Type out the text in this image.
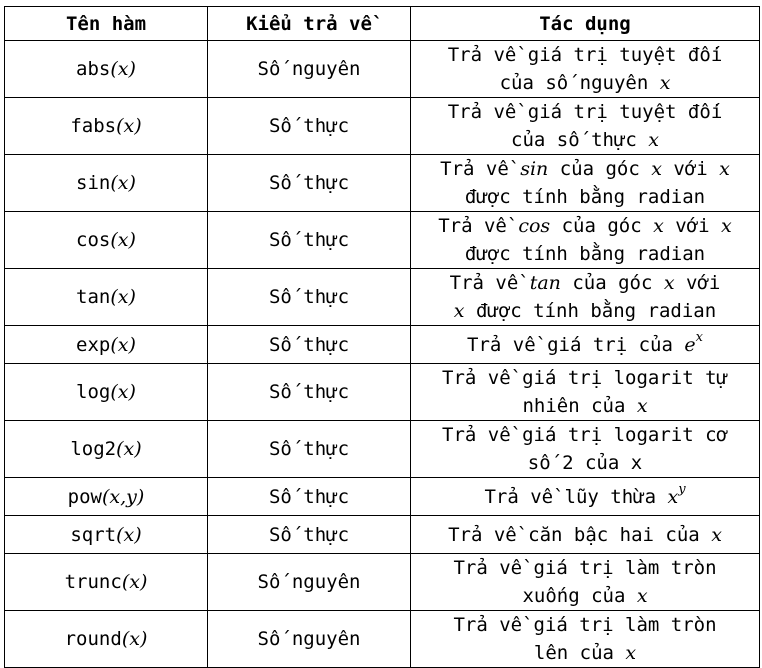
Tên hàm	Kiểu trả về	Tác dụng
abs(x)	Số nguyên	Trả về giá trị tuyệt đối
của số nguyên x

fabs(x)	Số thực	Trả về giá trị tuyệt đối
của số thực x

sin(x)	Số thực	Trả về sin của góc x với x
được tính bằng radian

cos(x)	Số thực	Trả về cos của góc x với x
được tính bằng radian

tan(x)	Số thực	Trả về tan của góc x với
x được tính bằng radian

exp(x)	Số thực	Trả về giá trị của $e^x$

log(x)	Số thực	Trả về giá trị logarit tự
nhiên của x

log2(x)	Số thực	Trả về giá trị logarit cơ
số 2 của x

pow(x,y)	Số thực	Trả về lũy thừa $x^y$

sqrt(x)	Số thực	Trả về căn bậc hai của x

trunc(x)	Số nguyên	Trả về giá trị làm tròn
xuống của x

round(x)	Số nguyên	Trả về giá trị làm tròn
lên của x
